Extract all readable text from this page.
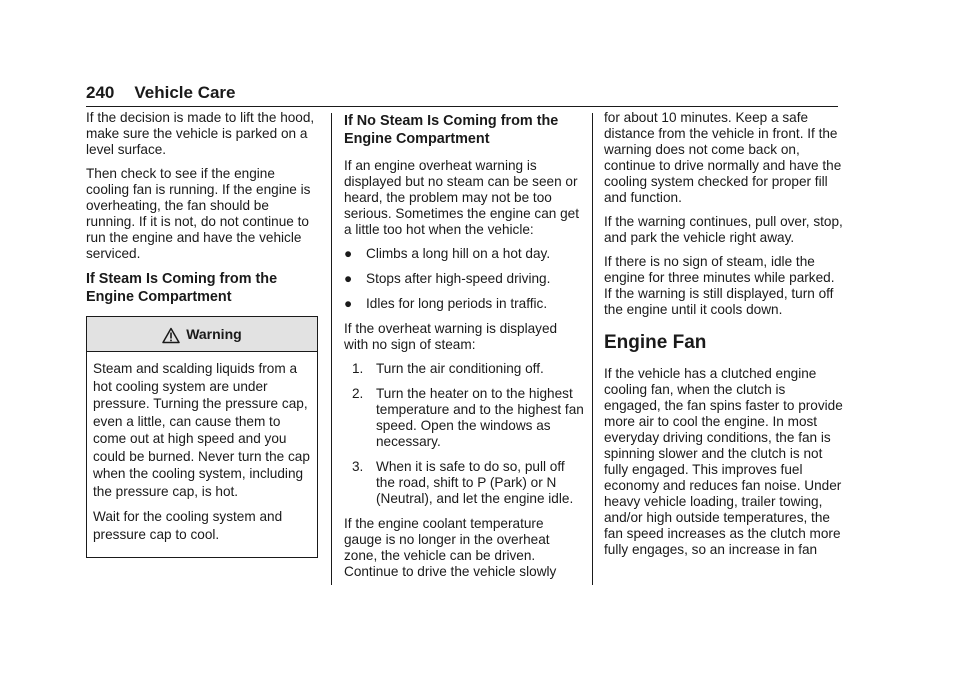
240 Vehicle Care

If the decision is made to lift the hood, make sure the vehicle is parked on a level surface.

Then check to see if the engine cooling fan is running. If the engine is overheating, the fan should be running. If it is not, do not continue to run the engine and have the vehicle serviced.

If Steam Is Coming from the Engine Compartment
Warning

Steam and scalding liquids from a hot cooling system are under pressure. Turning the pressure cap, even a little, can cause them to come out at high speed and you could be burned. Never turn the cap when the cooling system, including the pressure cap, is hot.

Wait for the cooling system and pressure cap to cool.

If No Steam Is Coming from the Engine Compartment

If an engine overheat warning is displayed but no steam can be seen or heard, the problem may not be too serious. Sometimes the engine can get a little too hot when the vehicle:

●	Climbs a long hill on a hot day.
●	Stops after high-speed driving.
●	Idles for long periods in traffic.

If the overheat warning is displayed with no sign of steam:

1. Turn the air conditioning off.
2. Turn the heater on to the highest temperature and to the highest fan speed. Open the windows as necessary.
3. When it is safe to do so, pull off the road, shift to P (Park) or N (Neutral), and let the engine idle.

If the engine coolant temperature gauge is no longer in the overheat zone, the vehicle can be driven. Continue to drive the vehicle slowly

for about 10 minutes. Keep a safe distance from the vehicle in front. If the warning does not come back on, continue to drive normally and have the cooling system checked for proper fill and function.

If the warning continues, pull over, stop, and park the vehicle right away.

If there is no sign of steam, idle the engine for three minutes while parked. If the warning is still displayed, turn off the engine until it cools down.

Engine Fan

If the vehicle has a clutched engine cooling fan, when the clutch is engaged, the fan spins faster to provide more air to cool the engine. In most everyday driving conditions, the fan is spinning slower and the clutch is not fully engaged. This improves fuel economy and reduces fan noise. Under heavy vehicle loading, trailer towing, and/or high outside temperatures, the fan speed increases as the clutch more fully engages, so an increase in fan
